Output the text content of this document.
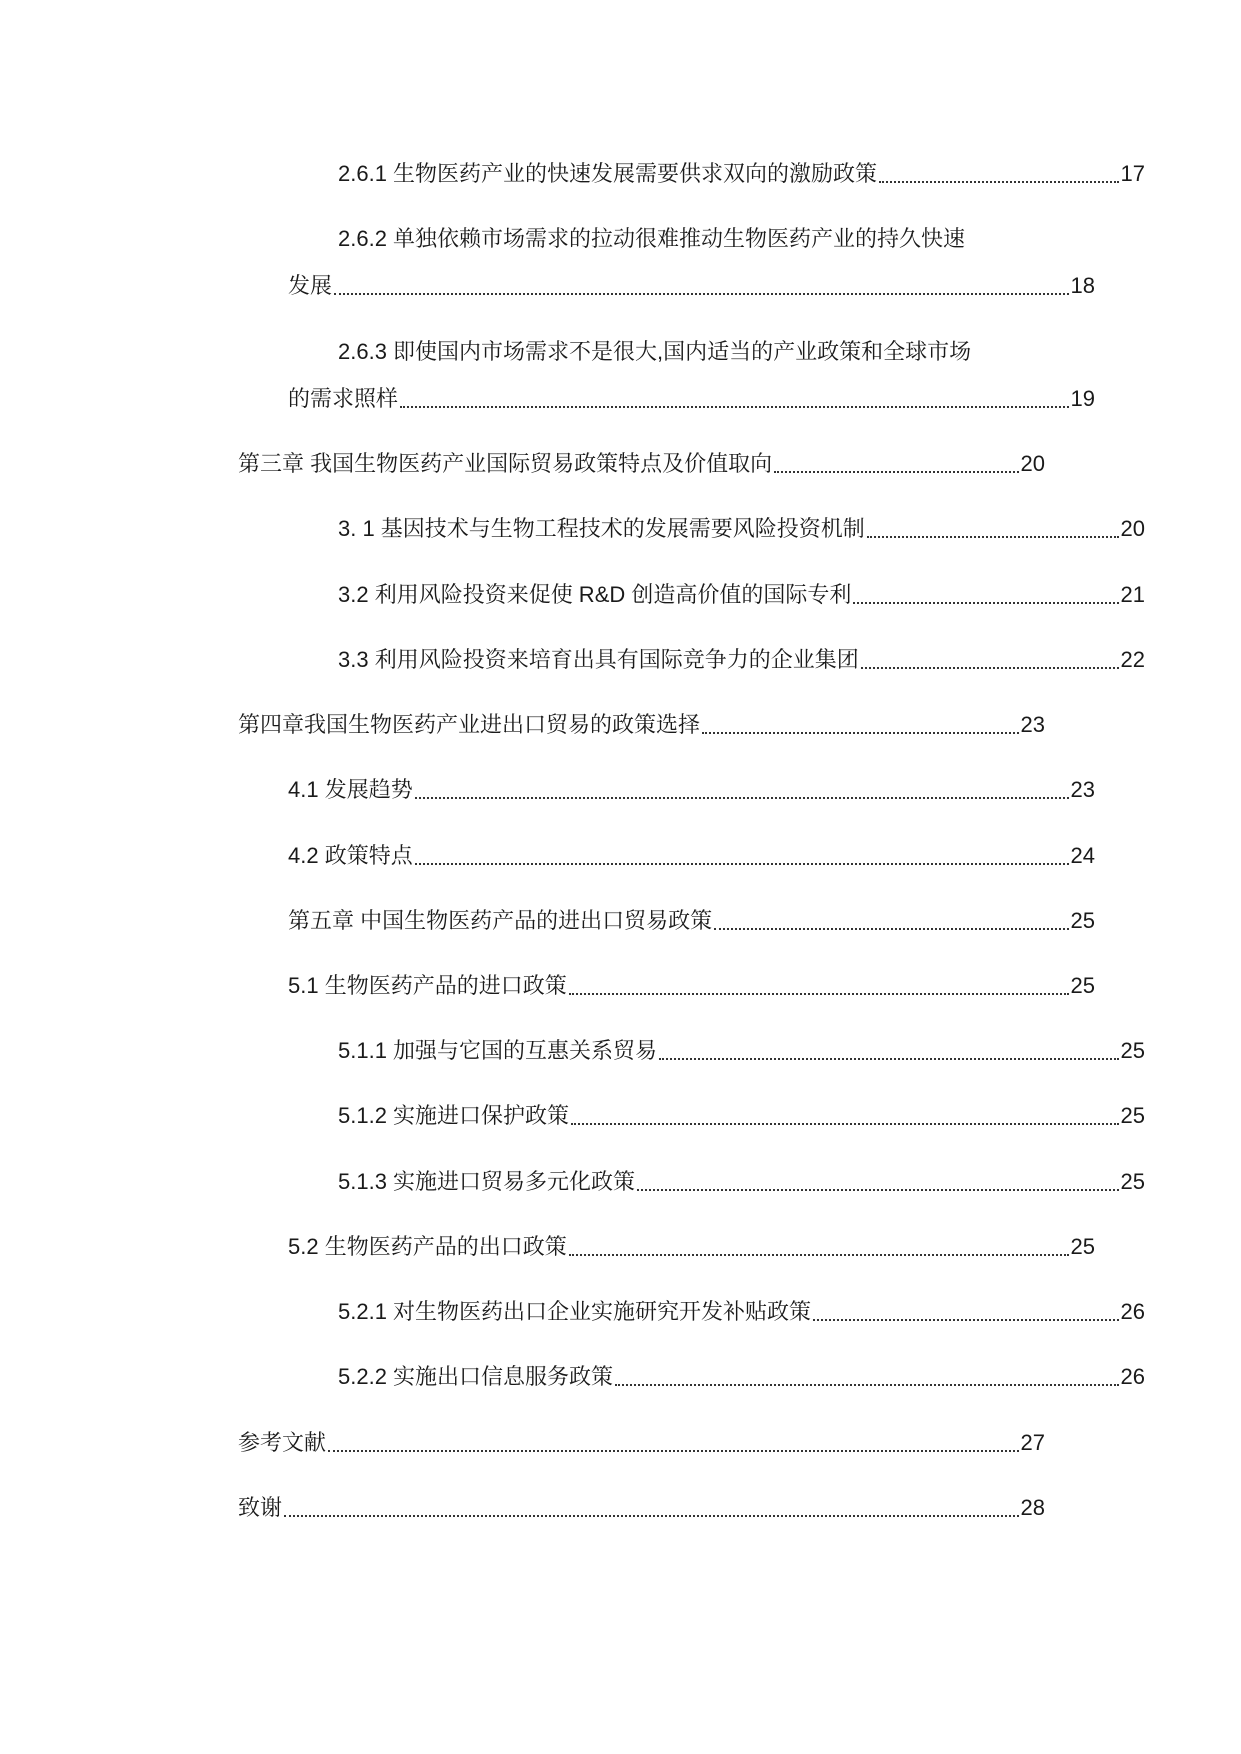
2.6.1 生物医药产业的快速发展需要供求双向的激励政策	17
2.6.2 单独依赖市场需求的拉动很难推动生物医药产业的持久快速
发展	18
2.6.3 即使国内市场需求不是很大,国内适当的产业政策和全球市场
的需求照样	19
第三章 我国生物医药产业国际贸易政策特点及价值取向	20
3. 1 基因技术与生物工程技术的发展需要风险投资机制	20
3.2 利用风险投资来促使 R&D 创造高价值的国际专利	21
3.3 利用风险投资来培育出具有国际竞争力的企业集团	22
第四章我国生物医药产业进出口贸易的政策选择	23
4.1 发展趋势	23
4.2 政策特点	24
第五章 中国生物医药产品的进出口贸易政策	25
5.1 生物医药产品的进口政策	25
5.1.1 加强与它国的互惠关系贸易	25
5.1.2 实施进口保护政策	25
5.1.3 实施进口贸易多元化政策	25
5.2 生物医药产品的出口政策	25
5.2.1 对生物医药出口企业实施研究开发补贴政策	26
5.2.2 实施出口信息服务政策	26
参考文献	27
致谢	28
